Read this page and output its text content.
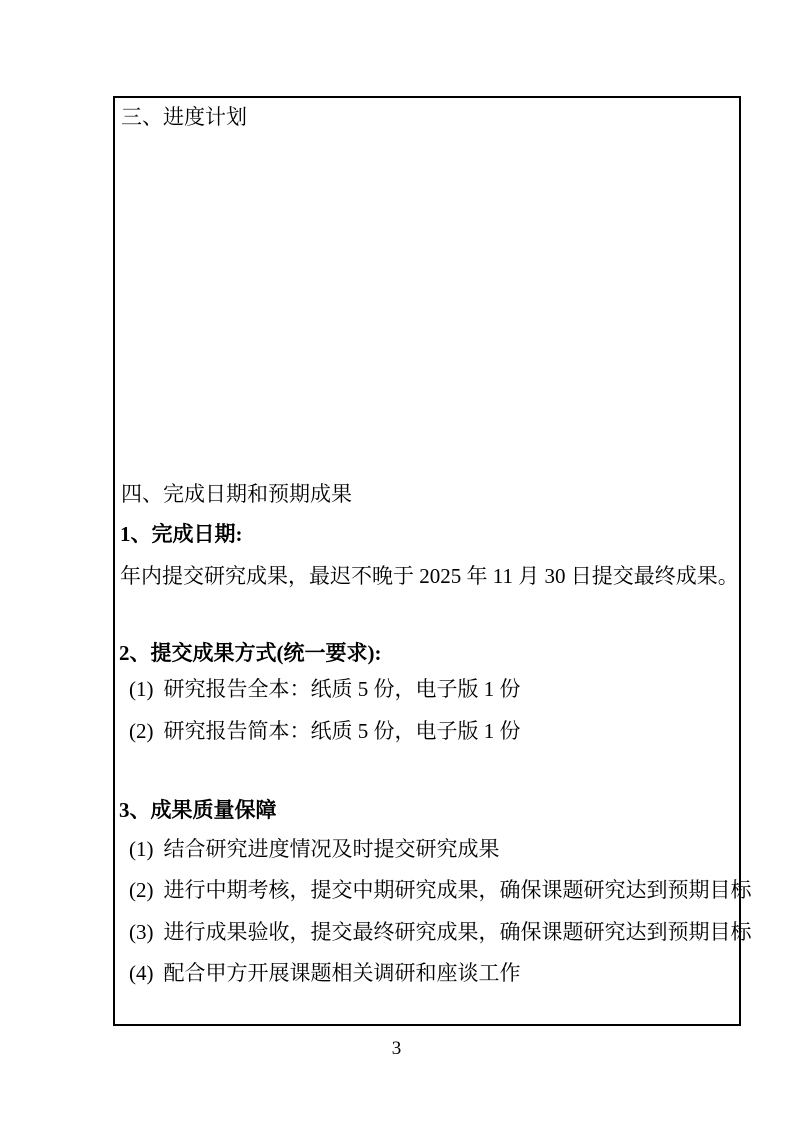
三、进度计划
四、完成日期和预期成果
1、完成日期:
年内提交研究成果，最迟不晚于 2025 年 11 月 30 日提交最终成果。
2、提交成果方式(统一要求):
(1) 研究报告全本：纸质 5 份，电子版 1 份
(2) 研究报告简本：纸质 5 份，电子版 1 份
3、成果质量保障
(1) 结合研究进度情况及时提交研究成果
(2) 进行中期考核，提交中期研究成果，确保课题研究达到预期目标
(3) 进行成果验收，提交最终研究成果，确保课题研究达到预期目标
(4) 配合甲方开展课题相关调研和座谈工作
3
